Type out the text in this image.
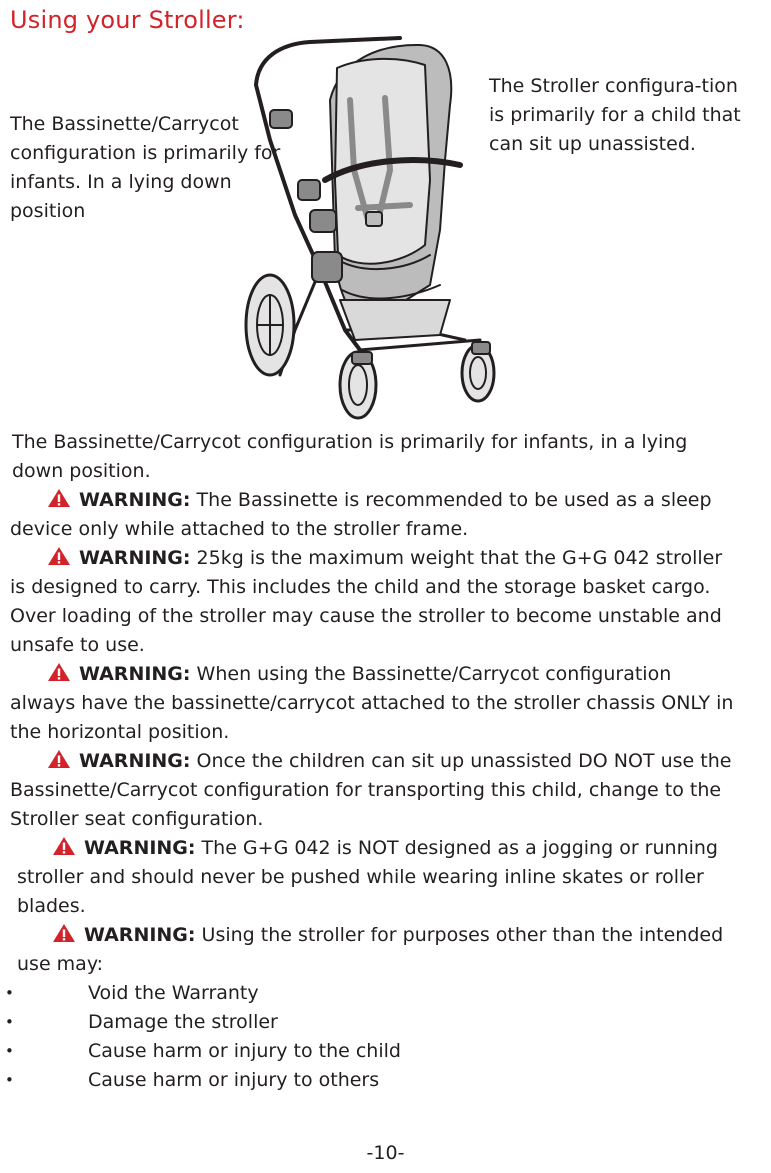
Using your Stroller:
The Bassinette/Carrycot configuration is primarily for infants. In a lying down position
The Stroller configura-tion is primarily for a child that can sit up unassisted.

The Bassinette/Carrycot configuration is primarily for infants, in a lying down position.

WARNING: The Bassinette is recommended to be used as a sleep device only while attached to the stroller frame.

WARNING: 25kg is the maximum weight that the G+G 042 stroller is designed to carry. This includes the child and the storage basket cargo. Over loading of the stroller may cause the stroller to become unstable and unsafe to use.

WARNING: When using the Bassinette/Carrycot configuration always have the bassinette/carrycot attached to the stroller chassis ONLY in the horizontal position.

WARNING: Once the children can sit up unassisted DO NOT use the Bassinette/Carrycot configuration for transporting this child, change to the Stroller seat configuration.

WARNING: The G+G 042 is NOT designed as a jogging or running stroller and should never be pushed while wearing inline skates or roller blades.

WARNING: Using the stroller for purposes other than the intended use may:

• Void the Warranty
• Damage the stroller
• Cause harm or injury to the child
• Cause harm or injury to others
-10-
